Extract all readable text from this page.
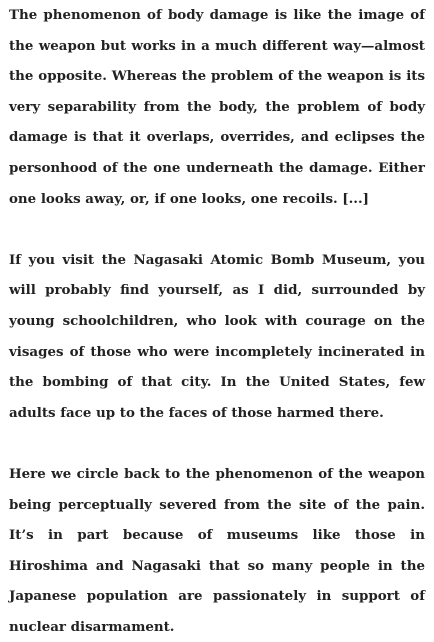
The phenomenon of body damage is like the image of the weapon but works in a much different way—almost the opposite. Whereas the problem of the weapon is its very separability from the body, the problem of body damage is that it overlaps, overrides, and eclipses the personhood of the one underneath the damage. Either one looks away, or, if one looks, one recoils. [...]

If you visit the Nagasaki Atomic Bomb Museum, you will probably find yourself, as I did, surrounded by young schoolchildren, who look with courage on the visages of those who were incompletely incinerated in the bombing of that city. In the United States, few adults face up to the faces of those harmed there.

Here we circle back to the phenomenon of the weapon being perceptually severed from the site of the pain. It’s in part because of museums like those in Hiroshima and Nagasaki that so many people in the Japanese population are passionately in support of nuclear disarmament.
